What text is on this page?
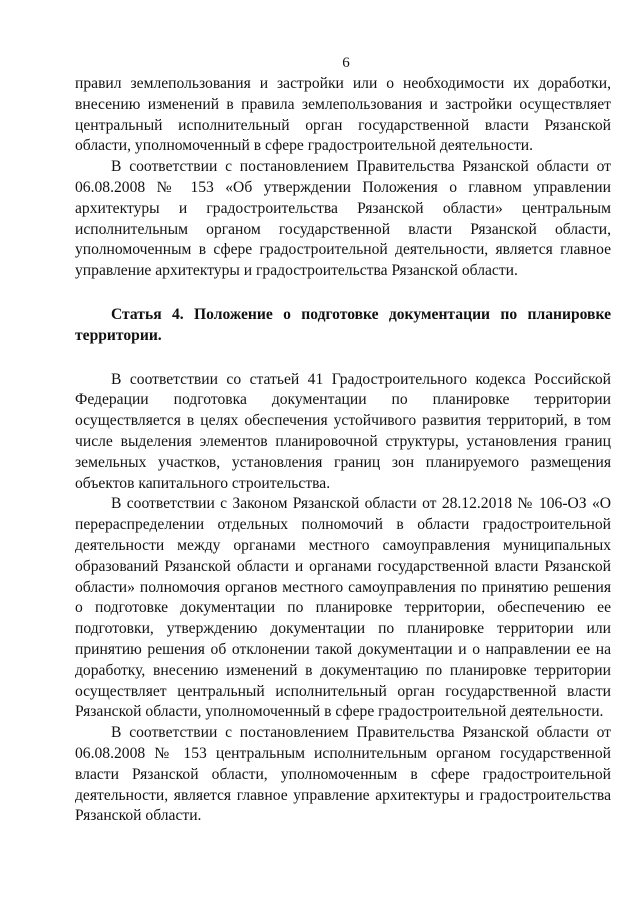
6

правил землепользования и застройки или о необходимости их доработки, внесению изменений в правила землепользования и застройки осуществляет центральный исполнительный орган государственной власти Рязанской области, уполномоченный в сфере градостроительной деятельности.

В соответствии с постановлением Правительства Рязанской области от 06.08.2008 № 153 «Об утверждении Положения о главном управлении архитектуры и градостроительства Рязанской области» центральным исполнительным органом государственной власти Рязанской области, уполномоченным в сфере градостроительной деятельности, является главное управление архитектуры и градостроительства Рязанской области.

Статья 4. Положение о подготовке документации по планировке территории.

В соответствии со статьей 41 Градостроительного кодекса Российской Федерации подготовка документации по планировке территории осуществляется в целях обеспечения устойчивого развития территорий, в том числе выделения элементов планировочной структуры, установления границ земельных участков, установления границ зон планируемого размещения объектов капитального строительства.

В соответствии с Законом Рязанской области от 28.12.2018 № 106-ОЗ «О перераспределении отдельных полномочий в области градостроительной деятельности между органами местного самоуправления муниципальных образований Рязанской области и органами государственной власти Рязанской области» полномочия органов местного самоуправления по принятию решения о подготовке документации по планировке территории, обеспечению ее подготовки, утверждению документации по планировке территории или принятию решения об отклонении такой документации и о направлении ее на доработку, внесению изменений в документацию по планировке территории осуществляет центральный исполнительный орган государственной власти Рязанской области, уполномоченный в сфере градостроительной деятельности.

В соответствии с постановлением Правительства Рязанской области от 06.08.2008 № 153 центральным исполнительным органом государственной власти Рязанской области, уполномоченным в сфере градостроительной деятельности, является главное управление архитектуры и градостроительства Рязанской области.
